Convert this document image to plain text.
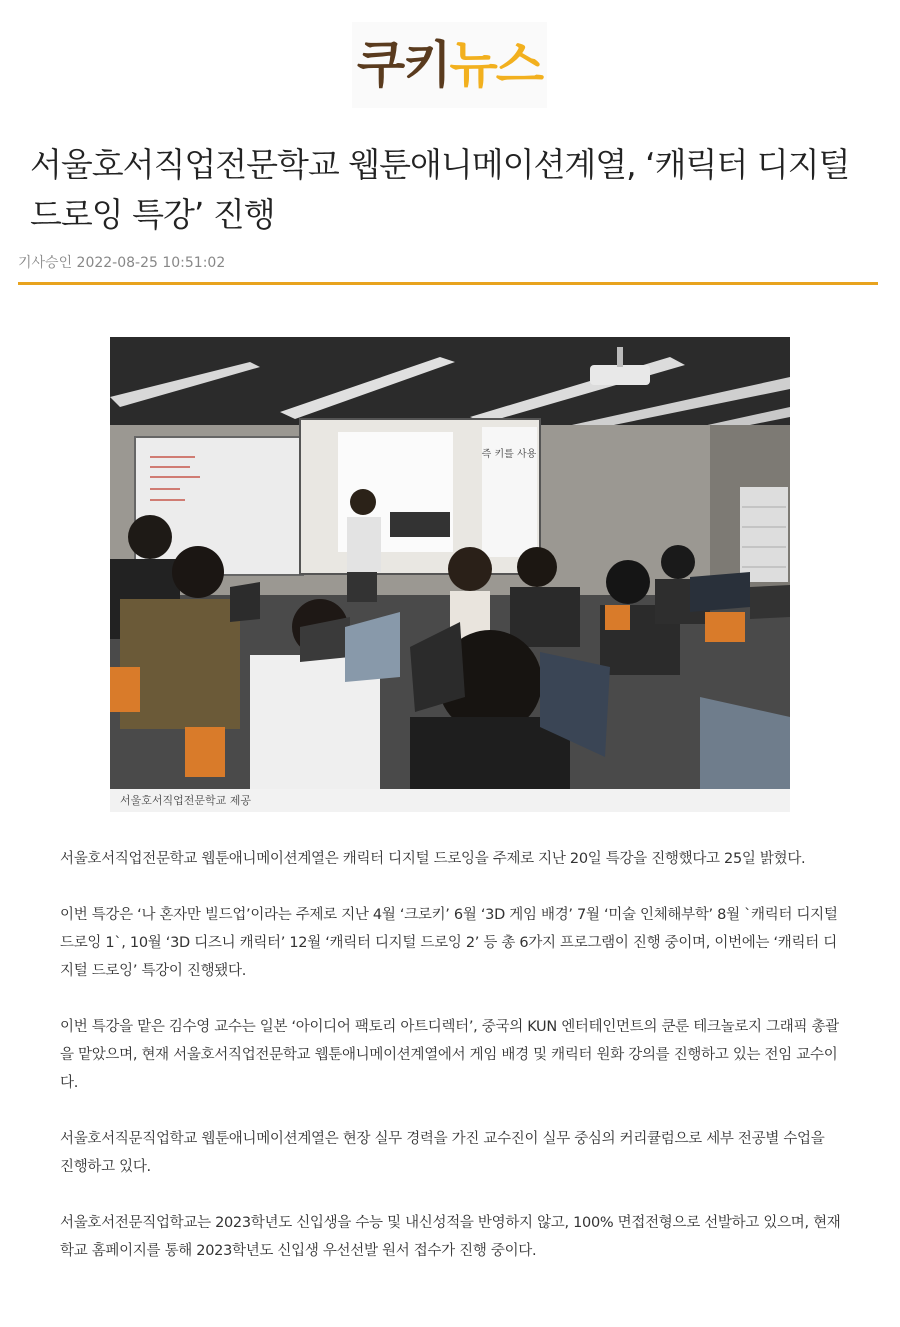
쿠키뉴스
서울호서직업전문학교 웹툰애니메이션계열, ‘캐릭터 디지털 드로잉 특강’ 진행
기사승인 2022-08-25 10:51:02
즉 키를 사용
서울호서직업전문학교 제공

서울호서직업전문학교 웹툰애니메이션계열은 캐릭터 디지털 드로잉을 주제로 지난 20일 특강을 진행했다고 25일 밝혔다.

이번 특강은 ‘나 혼자만 빌드업’이라는 주제로 지난 4월 ‘크로키’ 6월 ‘3D 게임 배경’ 7월 ‘미술 인체해부학’ 8월 `캐릭터 디지털 드로잉 1`, 10월 ‘3D 디즈니 캐릭터’ 12월 ‘캐릭터 디지털 드로잉 2’ 등 총 6가지 프로그램이 진행 중이며, 이번에는 ‘캐릭터 디지털 드로잉’ 특강이 진행됐다.

이번 특강을 맡은 김수영 교수는 일본 ‘아이디어 팩토리 아트디렉터’, 중국의 KUN 엔터테인먼트의 쿤룬 테크놀로지 그래픽 총괄을 맡았으며, 현재 서울호서직업전문학교 웹툰애니메이션계열에서 게임 배경 및 캐릭터 원화 강의를 진행하고 있는 전임 교수이다.

서울호서직문직업학교 웹툰애니메이션계열은 현장 실무 경력을 가진 교수진이 실무 중심의 커리큘럼으로 세부 전공별 수업을 진행하고 있다.

서울호서전문직업학교는 2023학년도 신입생을 수능 및 내신성적을 반영하지 않고, 100% 면접전형으로 선발하고 있으며, 현재 학교 홈페이지를 통해 2023학년도 신입생 우선선발 원서 접수가 진행 중이다.
